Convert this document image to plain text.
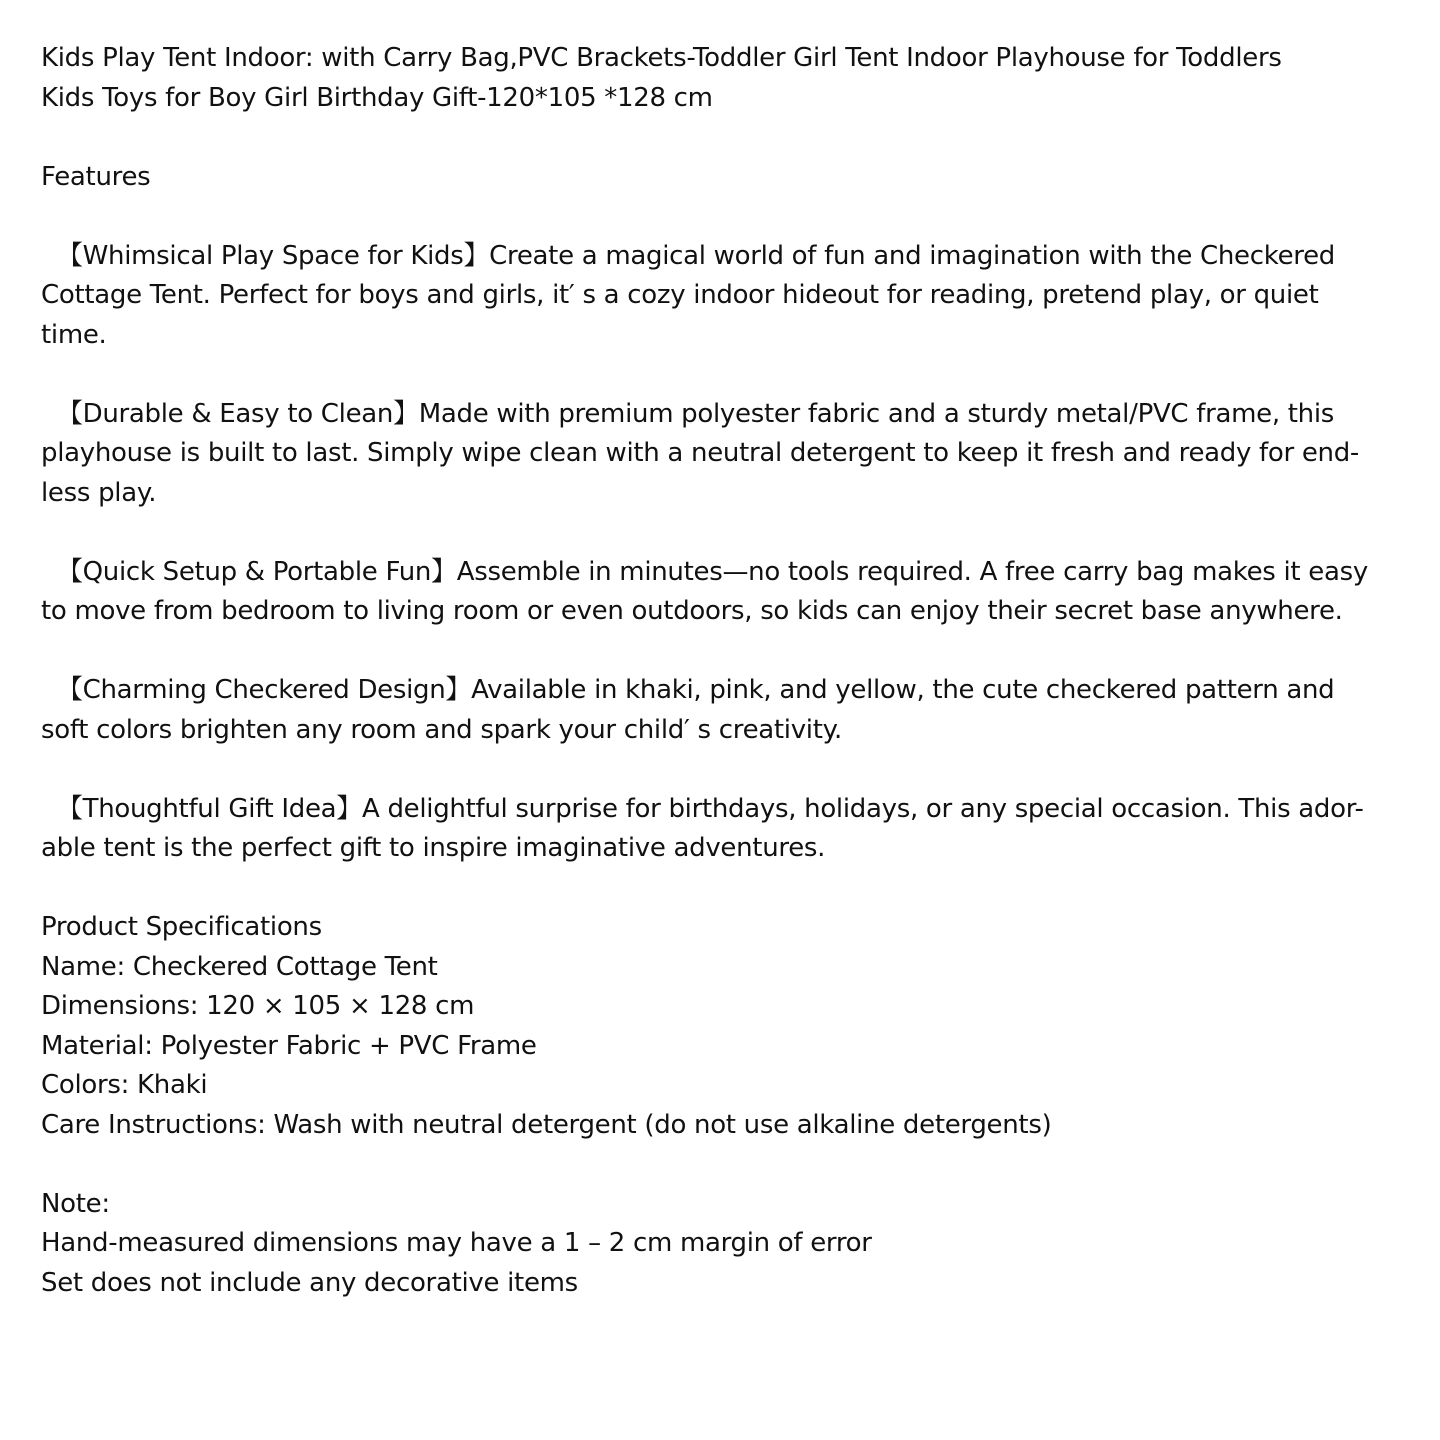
Kids Play Tent Indoor: with Carry Bag,PVC Brackets-Toddler Girl Tent Indoor Playhouse for Toddlers
Kids Toys for Boy Girl Birthday Gift-120*105 *128 cm
Features
【Whimsical Play Space for Kids】Create a magical world of fun and imagination with the Checkered
Cottage Tent. Perfect for boys and girls, it′ s a cozy indoor hideout for reading, pretend play, or quiet
time.
【Durable & Easy to Clean】Made with premium polyester fabric and a sturdy metal/PVC frame, this
playhouse is built to last. Simply wipe clean with a neutral detergent to keep it fresh and ready for end-
less play.
【Quick Setup & Portable Fun】Assemble in minutes—no tools required. A free carry bag makes it easy
to move from bedroom to living room or even outdoors, so kids can enjoy their secret base anywhere.
【Charming Checkered Design】Available in khaki, pink, and yellow, the cute checkered pattern and
soft colors brighten any room and spark your child′ s creativity.
【Thoughtful Gift Idea】A delightful surprise for birthdays, holidays, or any special occasion. This ador-
able tent is the perfect gift to inspire imaginative adventures.
Product Specifications
Name: Checkered Cottage Tent
Dimensions: 120 × 105 × 128 cm
Material: Polyester Fabric + PVC Frame
Colors: Khaki
Care Instructions: Wash with neutral detergent (do not use alkaline detergents)
Note:
Hand-measured dimensions may have a 1 – 2 cm margin of error
Set does not include any decorative items
